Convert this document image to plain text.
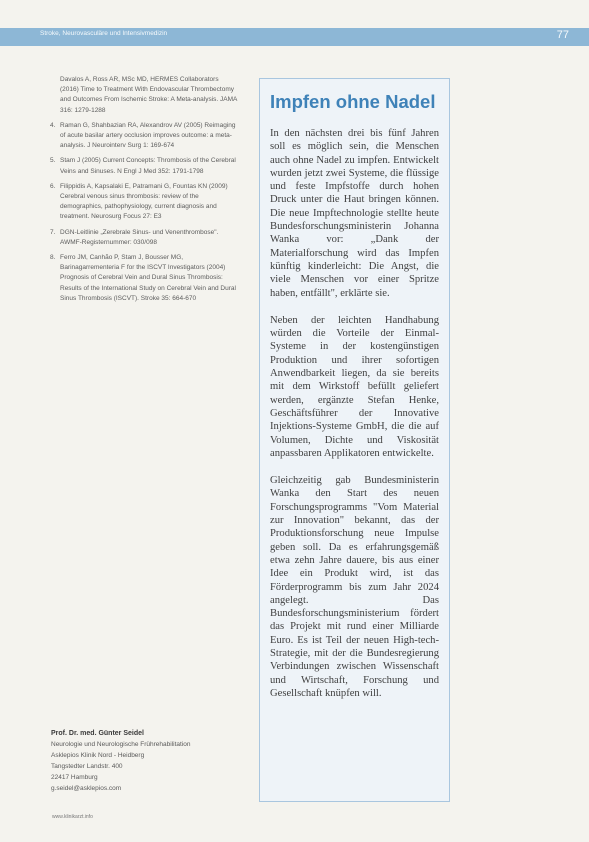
Stroke, Neurovasculäre und Intensivmedizin	77
Davalos A, Ross AR, MSc MD, HERMES Collaborators (2016) Time to Treatment With Endovascular Thrombectomy and Outcomes From Ischemic Stroke: A Meta-analysis. JAMA 316: 1279-1288
4. Raman G, Shahbazian RA, Alexandrov AV (2005) Reimaging of acute basilar artery occlusion improves outcome: a meta-analysis. J Neurointerv Surg 1: 169-674
5. Stam J (2005) Current Concepts: Thrombosis of the Cerebral Veins and Sinuses. N Engl J Med 352: 1791-1798
6. Filippidis A, Kapsalaki E, Patramani G, Fountas KN (2009) Cerebral venous sinus thrombosis: review of the demographics, pathophysiology, current diagnosis and treatment. Neurosurg Focus 27: E3
7. DGN-Leitlinie „Zerebrale Sinus- und Venenthrombose". AWMF-Registernummer: 030/098
8. Ferro JM, Canhão P, Stam J, Bousser MG, Barinagarrementeria F for the ISCVT Investigators (2004) Prognosis of Cerebral Vein and Dural Sinus Thrombosis: Results of the International Study on Cerebral Vein and Dural Sinus Thrombosis (ISCVT). Stroke 35: 664-670
Prof. Dr. med. Günter Seidel
Neurologie und Neurologische Frührehabilitation
Asklepios Klinik Nord - Heidberg
Tangstedter Landstr. 400
22417 Hamburg
g.seidel@asklepios.com
www.klinikarzt.info
Impfen ohne Nadel

In den nächsten drei bis fünf Jahren soll es möglich sein, die Menschen auch ohne Nadel zu impfen. Entwickelt wurden jetzt zwei Systeme, die flüssige und feste Impfstoffe durch hohen Druck unter die Haut bringen können. Die neue Impftechnologie stellte heute Bundesforschungsministerin Johanna Wanka vor: „Dank der Materialforschung wird das Impfen künftig kinderleicht: Die Angst, die viele Menschen vor einer Spritze haben, entfällt", erklärte sie.

Neben der leichten Handhabung würden die Vorteile der Einmal-Systeme in der kostengünstigen Produktion und ihrer sofortigen Anwendbarkeit liegen, da sie bereits mit dem Wirkstoff befüllt geliefert werden, ergänzte Stefan Henke, Geschäftsführer der Innovative Injektions-Systeme GmbH, die die auf Volumen, Dichte und Viskosität anpassbaren Applikatoren entwickelte.

Gleichzeitig gab Bundesministerin Wanka den Start des neuen Forschungsprogramms "Vom Material zur Innovation" bekannt, das der Produktionsforschung neue Impulse geben soll. Da es erfahrungsgemäß etwa zehn Jahre dauere, bis aus einer Idee ein Produkt wird, ist das Förderprogramm bis zum Jahr 2024 angelegt. Das Bundesforschungsministerium fördert das Projekt mit rund einer Milliarde Euro. Es ist Teil der neuen High-tech-Strategie, mit der die Bundesregierung Verbindungen zwischen Wissenschaft und Wirtschaft, Forschung und Gesellschaft knüpfen will.
